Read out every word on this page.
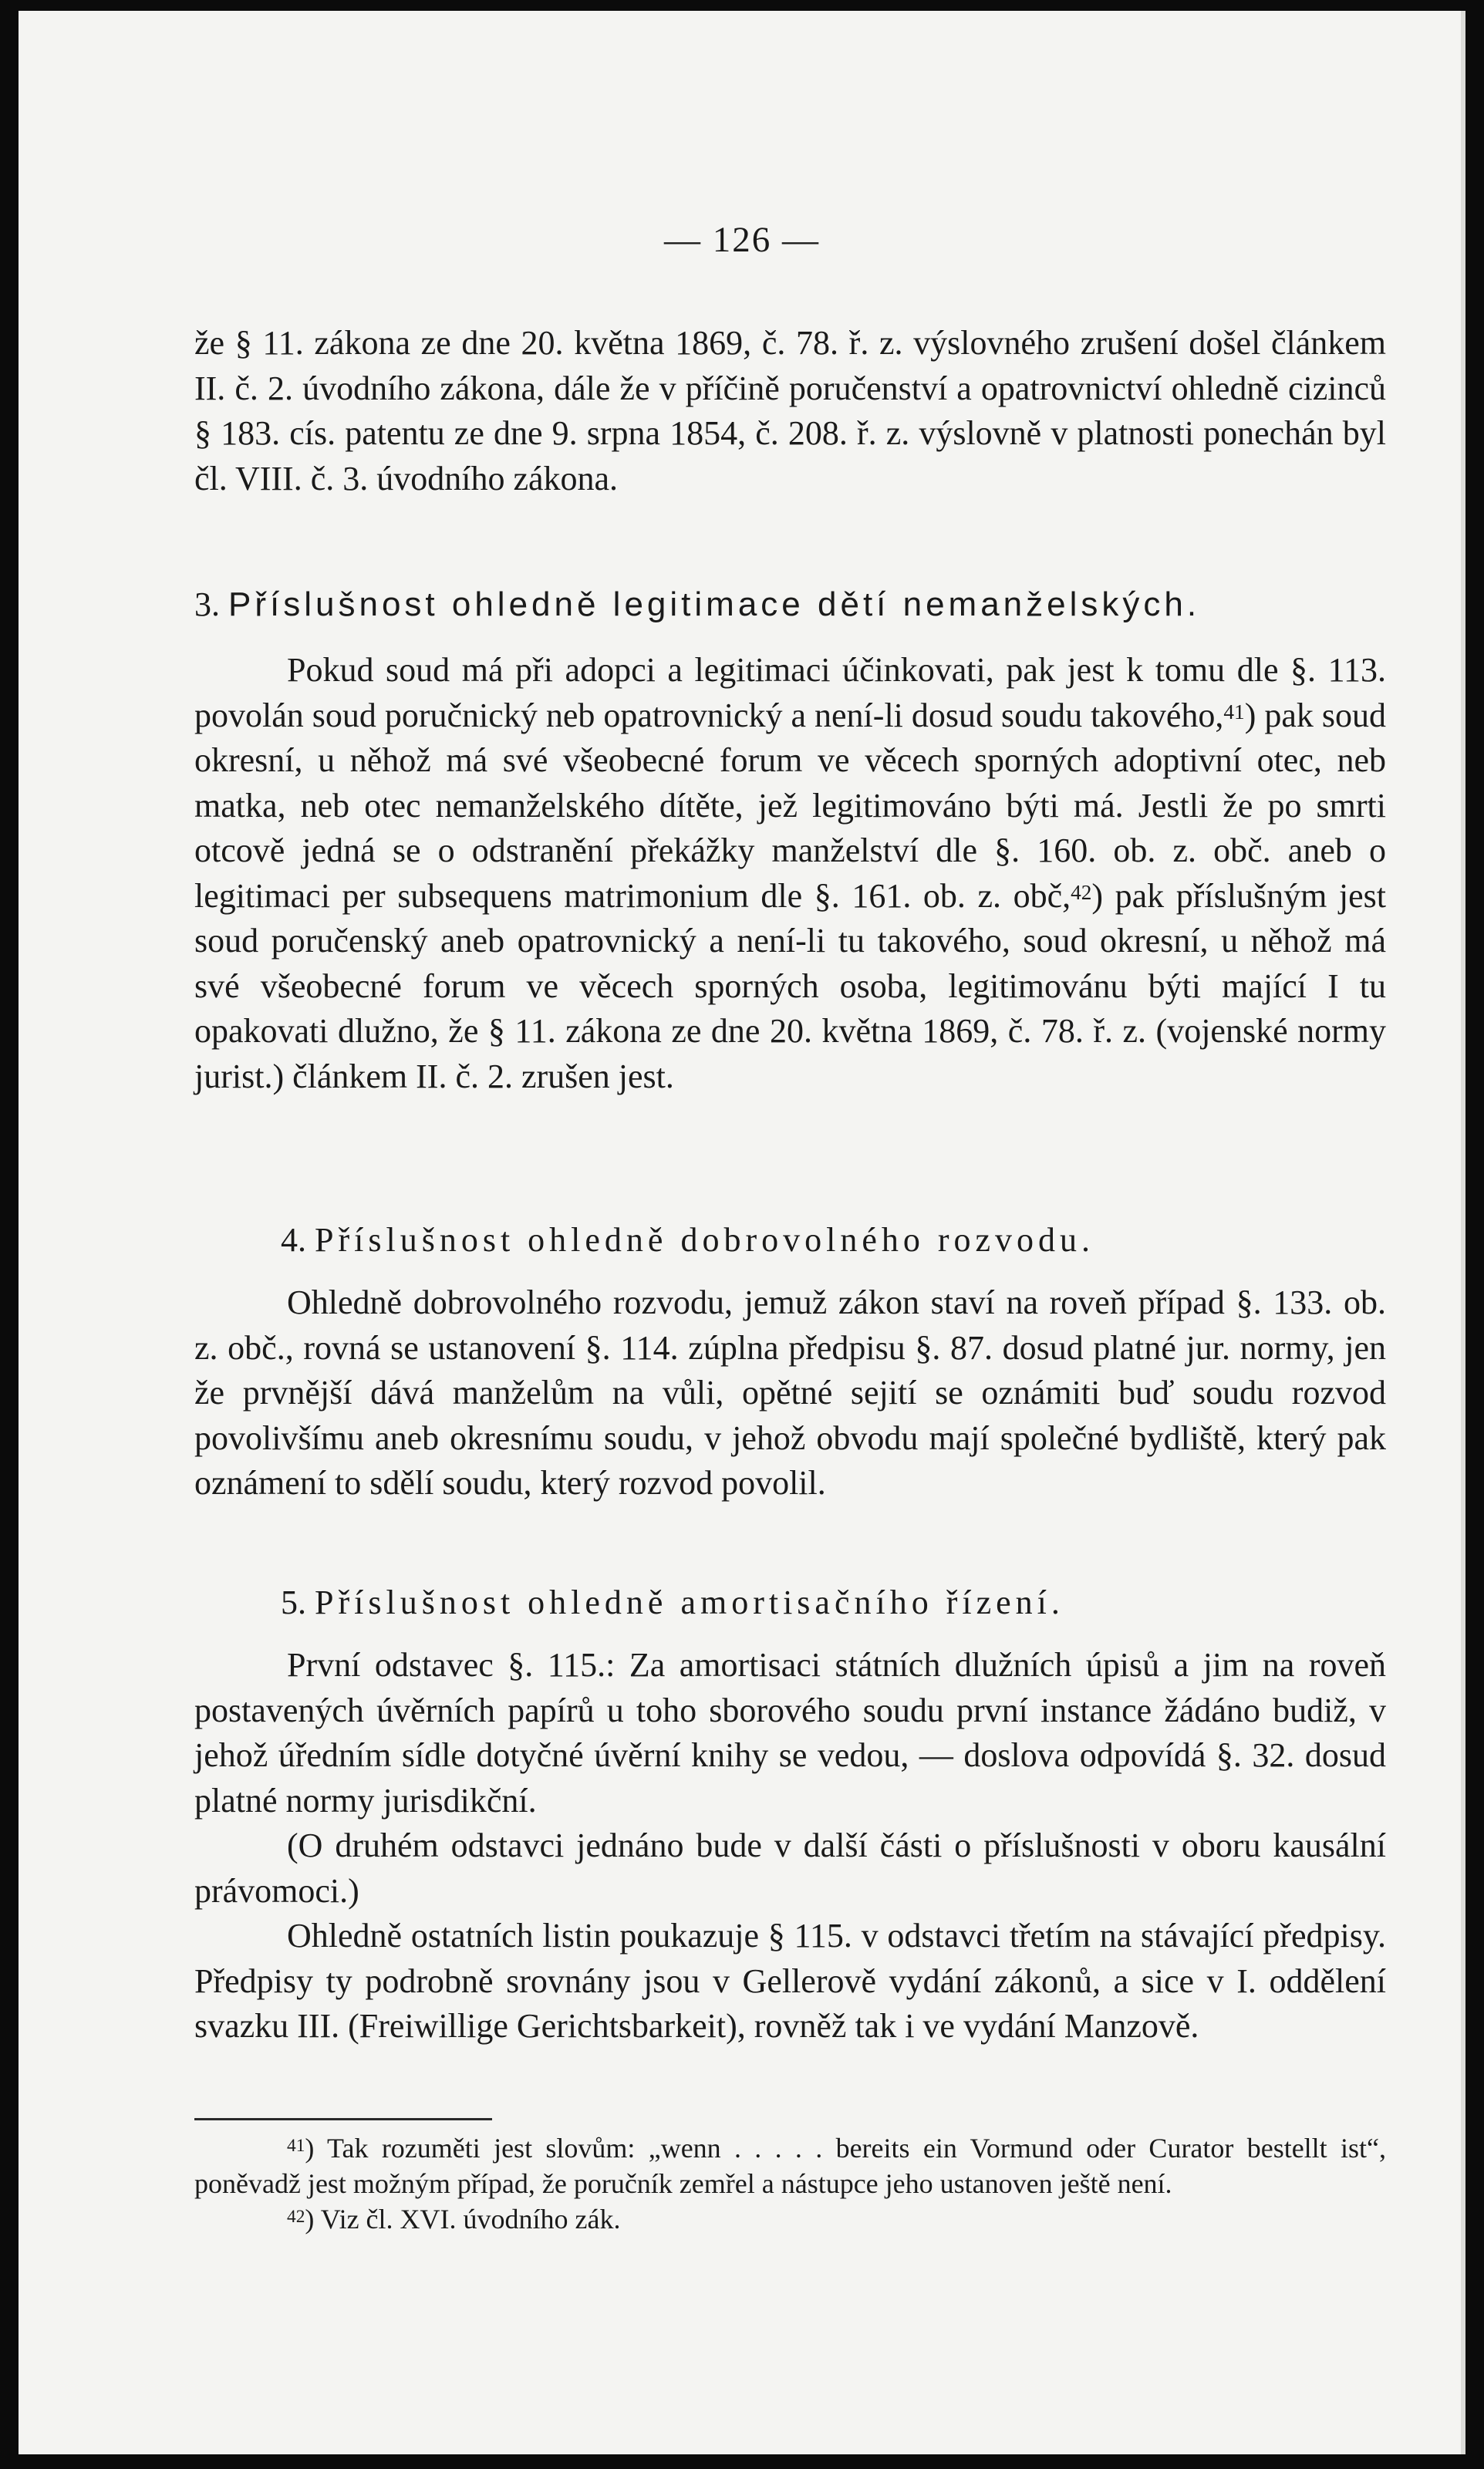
— 126 —

že § 11. zákona ze dne 20. května 1869, č. 78. ř. z. výslovného zrušení došel článkem II. č. 2. úvodního zákona, dále že v příčině poručenství a opatrovnictví ohledně cizinců § 183. cís. patentu ze dne 9. srpna 1854, č. 208. ř. z. výslovně v platnosti ponechán byl čl. VIII. č. 3. úvodního zákona.

3. Příslušnost ohledně legitimace dětí nemanželských.

Pokud soud má při adopci a legitimaci účinkovati, pak jest k tomu dle §. 113. povolán soud poručnický neb opatrovnický a není-li dosud soudu takového,$^{41}$) pak soud okresní, u něhož má své všeobecné forum ve věcech sporných adoptivní otec, neb matka, neb otec nemanželského dítěte, jež legitimováno býti má. Jestli že po smrti otcově jedná se o odstranění překážky manželství dle §. 160. ob. z. obč. aneb o legitimaci per subsequens matrimonium dle §. 161. ob. z. obč,$^{42}$) pak příslušným jest soud poručenský aneb opatrovnický a není-li tu takového, soud okresní, u něhož má své všeobecné forum ve věcech sporných osoba, legitimovánu býti mající I tu opakovati dlužno, že § 11. zákona ze dne 20. května 1869, č. 78. ř. z. (vojenské normy jurist.) článkem II. č. 2. zrušen jest.

4. Příslušnost ohledně dobrovolného rozvodu.

Ohledně dobrovolného rozvodu, jemuž zákon staví na roveň případ §. 133. ob. z. obč., rovná se ustanovení §. 114. zúplna předpisu §. 87. dosud platné jur. normy, jen že prvnější dává manželům na vůli, opětné sejití se oznámiti buď soudu rozvod povolivšímu aneb okresnímu soudu, v jehož obvodu mají společné bydliště, který pak oznámení to sdělí soudu, který rozvod povolil.

5. Příslušnost ohledně amortisačního řízení.

První odstavec §. 115.: Za amortisaci státních dlužních úpisů a jim na roveň postavených úvěrních papírů u toho sborového soudu první instance žádáno budiž, v jehož úředním sídle dotyčné úvěrní knihy se vedou, — doslova odpovídá §. 32. dosud platné normy jurisdikční.

(O druhém odstavci jednáno bude v další části o příslušnosti v oboru kausální právomoci.)

Ohledně ostatních listin poukazuje § 115. v odstavci třetím na stávající předpisy. Předpisy ty podrobně srovnány jsou v Gellerově vydání zákonů, a sice v I. oddělení svazku III. (Freiwillige Gerichtsbarkeit), rovněž tak i ve vydání Manzově.

$^{41}$) Tak rozuměti jest slovům: „wenn . . . . . bereits ein Vormund oder Curator bestellt ist“, poněvadž jest možným případ, že poručník zemřel a nástupce jeho ustanoven ještě není.

$^{42}$) Viz čl. XVI. úvodního zák.
